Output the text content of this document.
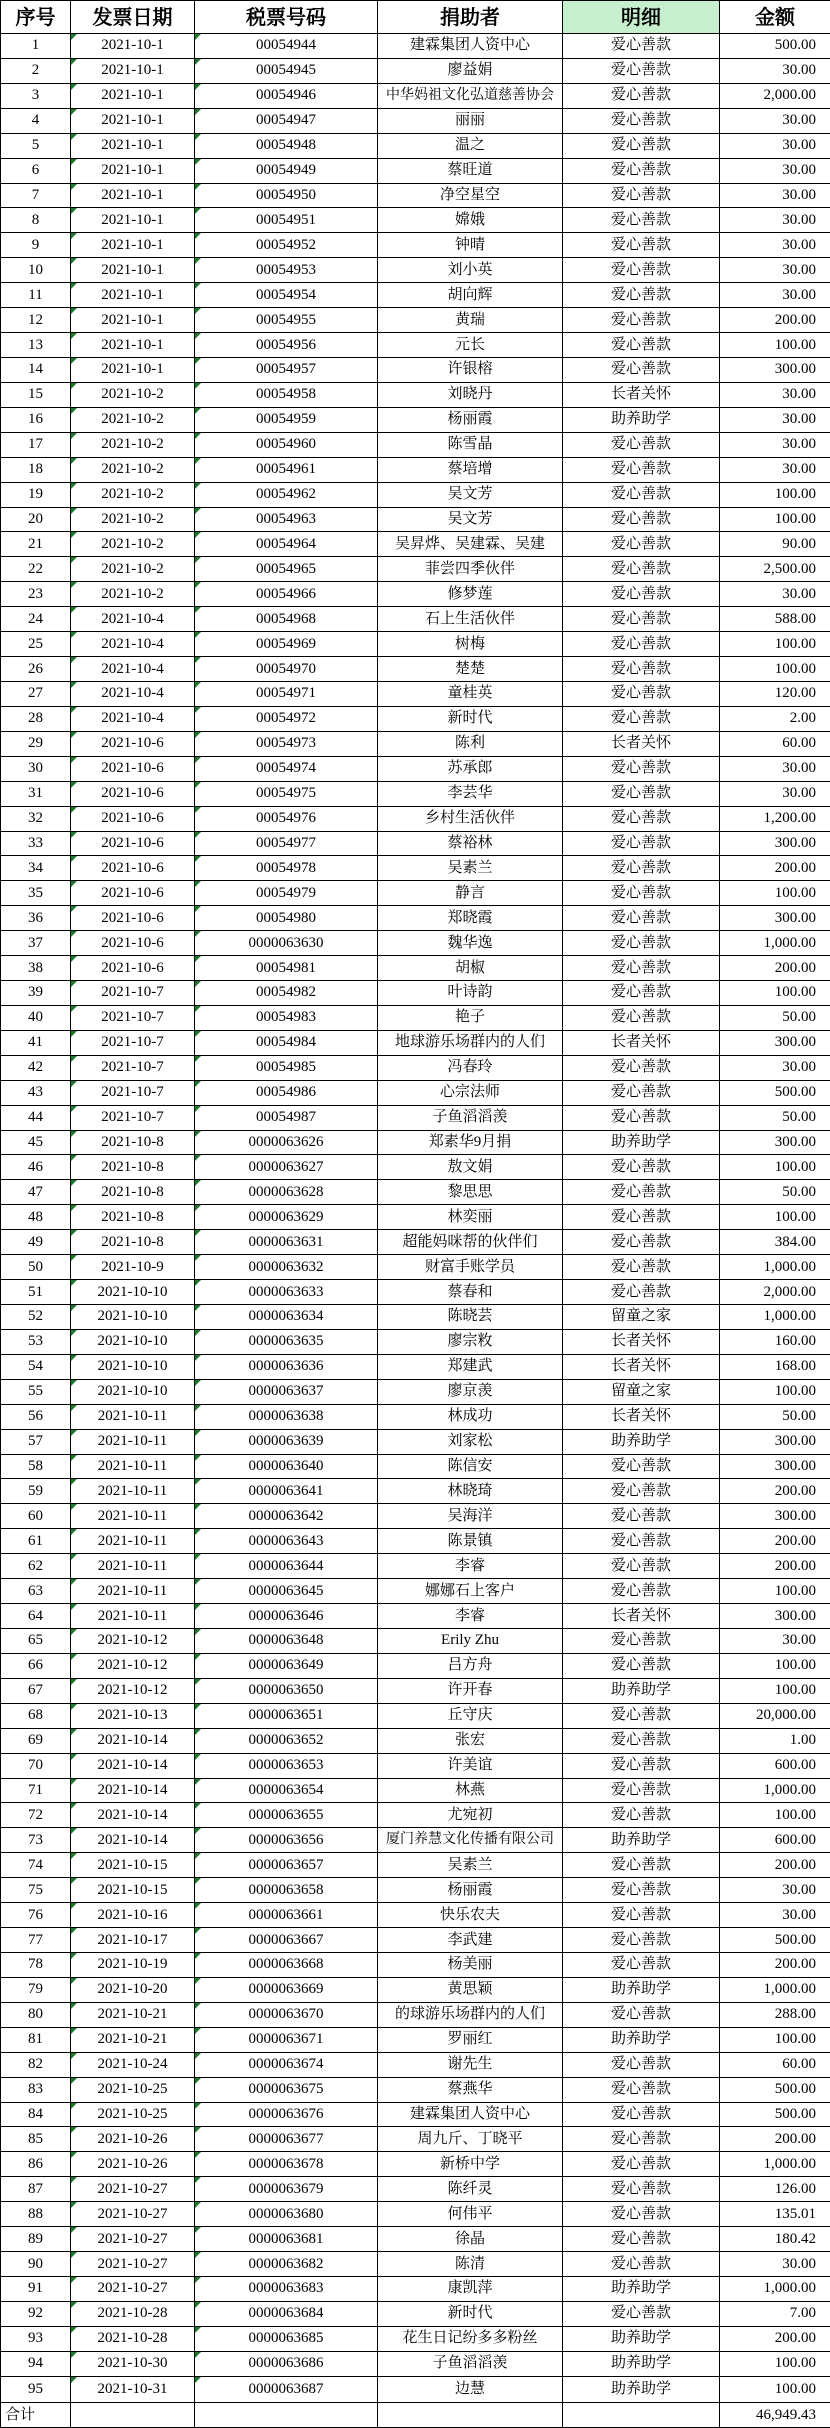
序号	发票日期	税票号码	捐助者	明细	金额
1	2021-10-1	00054944	建霖集团人资中心	爱心善款	500.00
2	2021-10-1	00054945	廖益娟	爱心善款	30.00
3	2021-10-1	00054946	中华妈祖文化弘道慈善协会	爱心善款	2,000.00
4	2021-10-1	00054947	丽丽	爱心善款	30.00
5	2021-10-1	00054948	温之	爱心善款	30.00
6	2021-10-1	00054949	蔡旺道	爱心善款	30.00
7	2021-10-1	00054950	净空星空	爱心善款	30.00
8	2021-10-1	00054951	嫦娥	爱心善款	30.00
9	2021-10-1	00054952	钟晴	爱心善款	30.00
10	2021-10-1	00054953	刘小英	爱心善款	30.00
11	2021-10-1	00054954	胡向辉	爱心善款	30.00
12	2021-10-1	00054955	黄瑞	爱心善款	200.00
13	2021-10-1	00054956	元长	爱心善款	100.00
14	2021-10-1	00054957	许银榕	爱心善款	300.00
15	2021-10-2	00054958	刘晓丹	长者关怀	30.00
16	2021-10-2	00054959	杨丽霞	助养助学	30.00
17	2021-10-2	00054960	陈雪晶	爱心善款	30.00
18	2021-10-2	00054961	蔡培增	爱心善款	30.00
19	2021-10-2	00054962	吴文芳	爱心善款	100.00
20	2021-10-2	00054963	吴文芳	爱心善款	100.00
21	2021-10-2	00054964	吴昇烨、吴建霖、吴建	爱心善款	90.00
22	2021-10-2	00054965	菲尝四季伙伴	爱心善款	2,500.00
23	2021-10-2	00054966	修梦莲	爱心善款	30.00
24	2021-10-4	00054968	石上生活伙伴	爱心善款	588.00
25	2021-10-4	00054969	树梅	爱心善款	100.00
26	2021-10-4	00054970	楚楚	爱心善款	100.00
27	2021-10-4	00054971	童桂英	爱心善款	120.00
28	2021-10-4	00054972	新时代	爱心善款	2.00
29	2021-10-6	00054973	陈利	长者关怀	60.00
30	2021-10-6	00054974	苏承郎	爱心善款	30.00
31	2021-10-6	00054975	李芸华	爱心善款	30.00
32	2021-10-6	00054976	乡村生活伙伴	爱心善款	1,200.00
33	2021-10-6	00054977	蔡裕林	爱心善款	300.00
34	2021-10-6	00054978	吴素兰	爱心善款	200.00
35	2021-10-6	00054979	静言	爱心善款	100.00
36	2021-10-6	00054980	郑晓霞	爱心善款	300.00
37	2021-10-6	0000063630	魏华逸	爱心善款	1,000.00
38	2021-10-6	00054981	胡椒	爱心善款	200.00
39	2021-10-7	00054982	叶诗韵	爱心善款	100.00
40	2021-10-7	00054983	艳子	爱心善款	50.00
41	2021-10-7	00054984	地球游乐场群内的人们	长者关怀	300.00
42	2021-10-7	00054985	冯春玲	爱心善款	30.00
43	2021-10-7	00054986	心宗法师	爱心善款	500.00
44	2021-10-7	00054987	子鱼滔滔羡	爱心善款	50.00
45	2021-10-8	0000063626	郑素华9月捐	助养助学	300.00
46	2021-10-8	0000063627	敖文娟	爱心善款	100.00
47	2021-10-8	0000063628	黎思思	爱心善款	50.00
48	2021-10-8	0000063629	林奕丽	爱心善款	100.00
49	2021-10-8	0000063631	超能妈咪帮的伙伴们	爱心善款	384.00
50	2021-10-9	0000063632	财富手账学员	爱心善款	1,000.00
51	2021-10-10	0000063633	蔡春和	爱心善款	2,000.00
52	2021-10-10	0000063634	陈晓芸	留童之家	1,000.00
53	2021-10-10	0000063635	廖宗敉	长者关怀	160.00
54	2021-10-10	0000063636	郑建武	长者关怀	168.00
55	2021-10-10	0000063637	廖京羡	留童之家	100.00
56	2021-10-11	0000063638	林成功	长者关怀	50.00
57	2021-10-11	0000063639	刘家松	助养助学	300.00
58	2021-10-11	0000063640	陈信安	爱心善款	300.00
59	2021-10-11	0000063641	林晓琦	爱心善款	200.00
60	2021-10-11	0000063642	吴海洋	爱心善款	300.00
61	2021-10-11	0000063643	陈景镇	爱心善款	200.00
62	2021-10-11	0000063644	李睿	爱心善款	200.00
63	2021-10-11	0000063645	娜娜石上客户	爱心善款	100.00
64	2021-10-11	0000063646	李睿	长者关怀	300.00
65	2021-10-12	0000063648	Erily Zhu	爱心善款	30.00
66	2021-10-12	0000063649	吕方舟	爱心善款	100.00
67	2021-10-12	0000063650	许开春	助养助学	100.00
68	2021-10-13	0000063651	丘守庆	爱心善款	20,000.00
69	2021-10-14	0000063652	张宏	爱心善款	1.00
70	2021-10-14	0000063653	许美谊	爱心善款	600.00
71	2021-10-14	0000063654	林燕	爱心善款	1,000.00
72	2021-10-14	0000063655	尤宛初	爱心善款	100.00
73	2021-10-14	0000063656	厦门养慧文化传播有限公司	助养助学	600.00
74	2021-10-15	0000063657	吴素兰	爱心善款	200.00
75	2021-10-15	0000063658	杨丽霞	爱心善款	30.00
76	2021-10-16	0000063661	快乐农夫	爱心善款	30.00
77	2021-10-17	0000063667	李武建	爱心善款	500.00
78	2021-10-19	0000063668	杨美丽	爱心善款	200.00
79	2021-10-20	0000063669	黄思颖	助养助学	1,000.00
80	2021-10-21	0000063670	的球游乐场群内的人们	爱心善款	288.00
81	2021-10-21	0000063671	罗丽红	助养助学	100.00
82	2021-10-24	0000063674	谢先生	爱心善款	60.00
83	2021-10-25	0000063675	蔡燕华	爱心善款	500.00
84	2021-10-25	0000063676	建霖集团人资中心	爱心善款	500.00
85	2021-10-26	0000063677	周九斤、丁晓平	爱心善款	200.00
86	2021-10-26	0000063678	新桥中学	爱心善款	1,000.00
87	2021-10-27	0000063679	陈纤灵	爱心善款	126.00
88	2021-10-27	0000063680	何伟平	爱心善款	135.01
89	2021-10-27	0000063681	徐晶	爱心善款	180.42
90	2021-10-27	0000063682	陈清	爱心善款	30.00
91	2021-10-27	0000063683	康凯萍	助养助学	1,000.00
92	2021-10-28	0000063684	新时代	爱心善款	7.00
93	2021-10-28	0000063685	花生日记纷多多粉丝	助养助学	200.00
94	2021-10-30	0000063686	子鱼滔滔羡	助养助学	100.00
95	2021-10-31	0000063687	边慧	助养助学	100.00
合计					46,949.43
